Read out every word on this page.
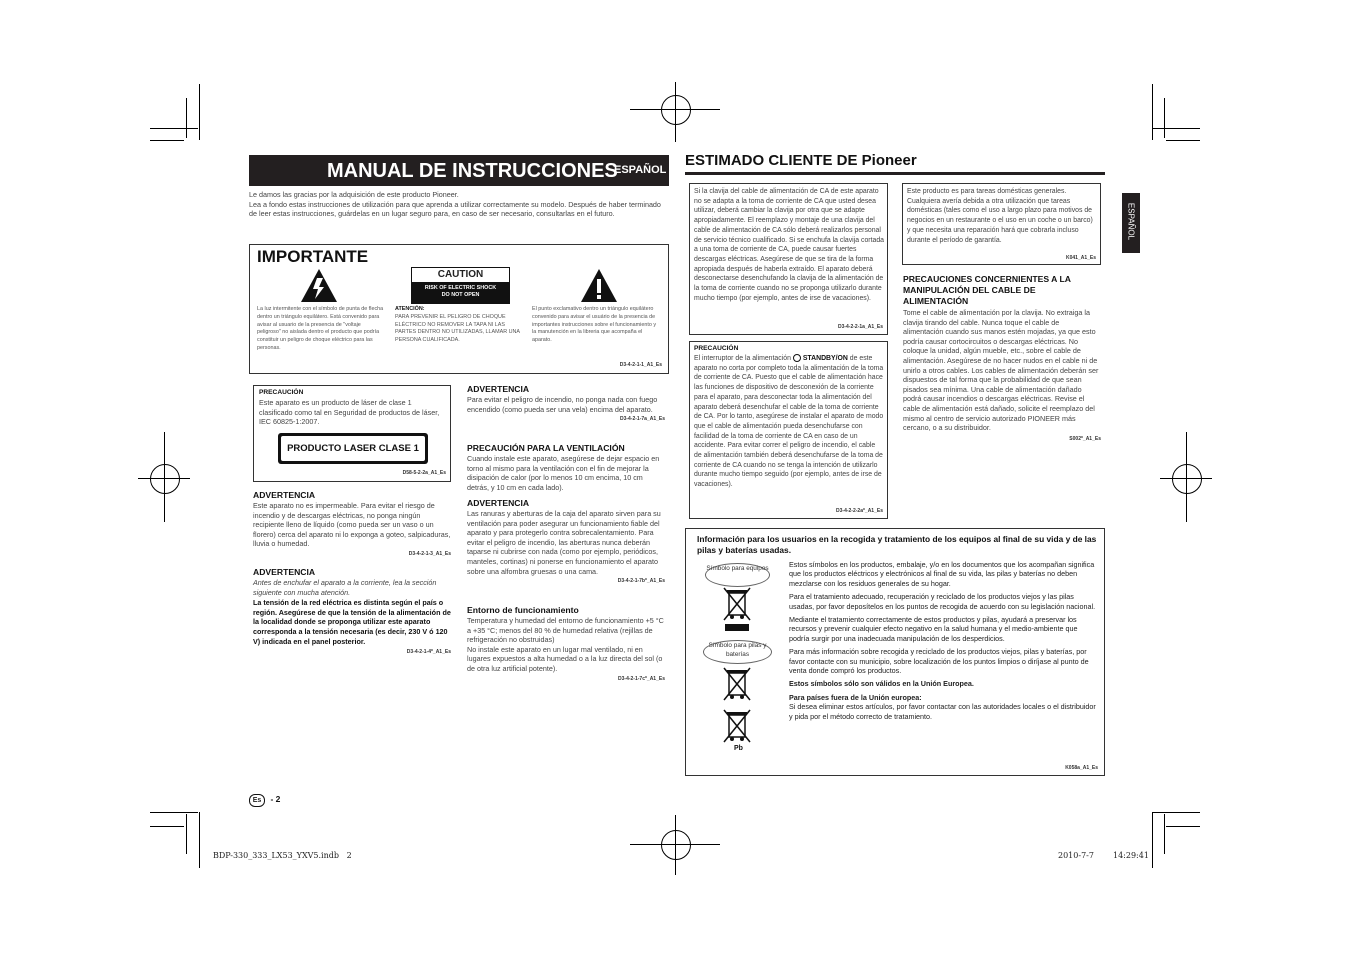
MANUAL DE INSTRUCCIONES
ESPAÑOL
ESTIMADO CLIENTE DE Pioneer
ESPAÑOL

Le damos las gracias por la adquisición de este producto Pioneer.

Lea a fondo estas instrucciones de utilización para que aprenda a utilizar correctamente su modelo. Después de haber terminado de leer estas instrucciones, guárdelas en un lugar seguro para, en caso de ser necesario, consultarlas en el futuro.

IMPORTANTE
CAUTION
RISK OF ELECTRIC SHOCK
DO NOT OPEN
La luz intermitente con el símbolo de punta de flecha dentro un triángulo equilátero. Está convenido para avisar al usuario de la presencia de "voltaje peligroso" no aislada dentro el producto que podría constituir un peligro de choque eléctrico para las personas.
ATENCIÓN:
PARA PREVENIR EL PELIGRO DE CHOQUE ELÉCTRICO NO REMOVER LA TAPA NI LAS PARTES DENTRO NO UTILIZADAS, LLAMAR UNA PERSONA CUALIFICADA.
El punto exclamativo dentro un triángulo equilátero convenido para avisar el usuário de la presencia de importantes instrucciones sobre el funcionamiento y la manutención en la libreria que acompaña el aparato.
D3-4-2-1-1_A1_Es
PRECAUCIÓN
Este aparato es un producto de láser de clase 1 clasificado como tal en Seguridad de productos de láser, IEC 60825-1:2007.
PRODUCTO LASER CLASE 1
D58-5-2-2a_A1_Es
ADVERTENCIA
Este aparato no es impermeable. Para evitar el riesgo de incendio y de descargas eléctricas, no ponga ningún recipiente lleno de líquido (como pueda ser un vaso o un florero) cerca del aparato ni lo exponga a goteo, salpicaduras, lluvia o humedad.
D3-4-2-1-3_A1_Es
ADVERTENCIA
Antes de enchufar el aparato a la corriente, lea la sección siguiente con mucha atención.
La tensión de la red eléctrica es distinta según el país o región. Asegúrese de que la tensión de la alimentación de la localidad donde se proponga utilizar este aparato corresponda a la tensión necesaria (es decir, 230 V ó 120 V) indicada en el panel posterior.
D3-4-2-1-4*_A1_Es
ADVERTENCIA
Para evitar el peligro de incendio, no ponga nada con fuego encendido (como pueda ser una vela) encima del aparato.
D3-4-2-1-7a_A1_Es
PRECAUCIÓN PARA LA VENTILACIÓN
Cuando instale este aparato, asegúrese de dejar espacio en torno al mismo para la ventilación con el fin de mejorar la disipación de calor (por lo menos 10 cm encima, 10 cm detrás, y 10 cm en cada lado).
ADVERTENCIA
Las ranuras y aberturas de la caja del aparato sirven para su ventilación para poder asegurar un funcionamiento fiable del aparato y para protegerlo contra sobrecalentamiento. Para evitar el peligro de incendio, las aberturas nunca deberán taparse ni cubrirse con nada (como por ejemplo, periódicos, manteles, cortinas) ni ponerse en funcionamiento el aparato sobre una alfombra gruesas o una cama.
D3-4-2-1-7b*_A1_Es
Entorno de funcionamiento
Temperatura y humedad del entorno de funcionamiento +5 °C a +35 °C; menos del 80 % de humedad relativa (rejillas de refrigeración no obstruidas)
No instale este aparato en un lugar mal ventilado, ni en lugares expuestos a alta humedad o a la luz directa del sol (o de otra luz artificial potente).
D3-4-2-1-7c*_A1_Es
Si la clavija del cable de alimentación de CA de este aparato no se adapta a la toma de corriente de CA que usted desea utilizar, deberá cambiar la clavija por otra que se adapte apropiadamente. El reemplazo y montaje de una clavija del cable de alimentación de CA sólo deberá realizarlos personal de servicio técnico cualificado. Si se enchufa la clavija cortada a una toma de corriente de CA, puede causar fuertes descargas eléctricas. Asegúrese de que se tira de la forma apropiada después de haberla extraído. El aparato deberá desconectarse desenchufando la clavija de la alimentación de la toma de corriente cuando no se proponga utilizarlo durante mucho tiempo (por ejemplo, antes de irse de vacaciones).
D3-4-2-2-1a_A1_Es
PRECAUCIÓN
El interruptor de la alimentación STANDBY/ON de este aparato no corta por completo toda la alimentación de la toma de corriente de CA. Puesto que el cable de alimentación hace las funciones de dispositivo de desconexión de la corriente para el aparato, para desconectar toda la alimentación del aparato deberá desenchufar el cable de la toma de corriente de CA. Por lo tanto, asegúrese de instalar el aparato de modo que el cable de alimentación pueda desenchufarse con facilidad de la toma de corriente de CA en caso de un accidente. Para evitar correr el peligro de incendio, el cable de alimentación también deberá desenchufarse de la toma de corriente de CA cuando no se tenga la intención de utilizarlo durante mucho tiempo seguido (por ejemplo, antes de irse de vacaciones).
D3-4-2-2-2a*_A1_Es
Este producto es para tareas domésticas generales. Cualquiera avería debida a otra utilización que tareas domésticas (tales como el uso a largo plazo para motivos de negocios en un restaurante o el uso en un coche o un barco) y que necesita una reparación hará que cobrarla incluso durante el período de garantía.
K041_A1_Es
PRECAUCIONES CONCERNIENTES A LA MANIPULACIÓN DEL CABLE DE ALIMENTACIÓN
Tome el cable de alimentación por la clavija. No extraiga la clavija tirando del cable. Nunca toque el cable de alimentación cuando sus manos estén mojadas, ya que esto podría causar cortocircuitos o descargas eléctricas. No coloque la unidad, algún mueble, etc., sobre el cable de alimentación. Asegúrese de no hacer nudos en el cable ni de unirlo a otros cables. Los cables de alimentación deberán ser dispuestos de tal forma que la probabilidad de que sean pisados sea mínima. Una cable de alimentación dañado podrá causar incendios o descargas eléctricas. Revise el cable de alimentación está dañado, solicite el reemplazo del mismo al centro de servicio autorizado PIONEER más cercano, o a su distribuidor.
S002*_A1_Es
Información para los usuarios en la recogida y tratamiento de los equipos al final de su vida y de las pilas y baterías usadas.
Símbolo para equipos
Símbolo para pilas y baterías
Pb

Estos símbolos en los productos, embalaje, y/o en los documentos que los acompañan significa que los productos eléctricos y electrónicos al final de su vida, las pilas y baterías no deben mezclarse con los residuos generales de su hogar.

Para el tratamiento adecuado, recuperación y reciclado de los productos viejos y las pilas usadas, por favor deposítelos en los puntos de recogida de acuerdo con su legislación nacional.

Mediante el tratamiento correctamente de estos productos y pilas, ayudará a preservar los recursos y prevenir cualquier efecto negativo en la salud humana y el medio-ambiente que podría surgir por una inadecuada manipulación de los desperdicios.

Para más información sobre recogida y reciclado de los productos viejos, pilas y baterías, por favor contacte con su municipio, sobre localización de los puntos limpios o diríjase al punto de venta donde compró los productos.

Estos símbolos sólo son válidos en la Unión Europea.

Para países fuera de la Unión europea:

Si desea eliminar estos artículos, por favor contactar con las autoridades locales o el distribuidor y pida por el método correcto de tratamiento.

K058a_A1_Es
Es - 2
BDP-330_333_LX53_YXV5.indb   2	2010-7-7 14:29:41
